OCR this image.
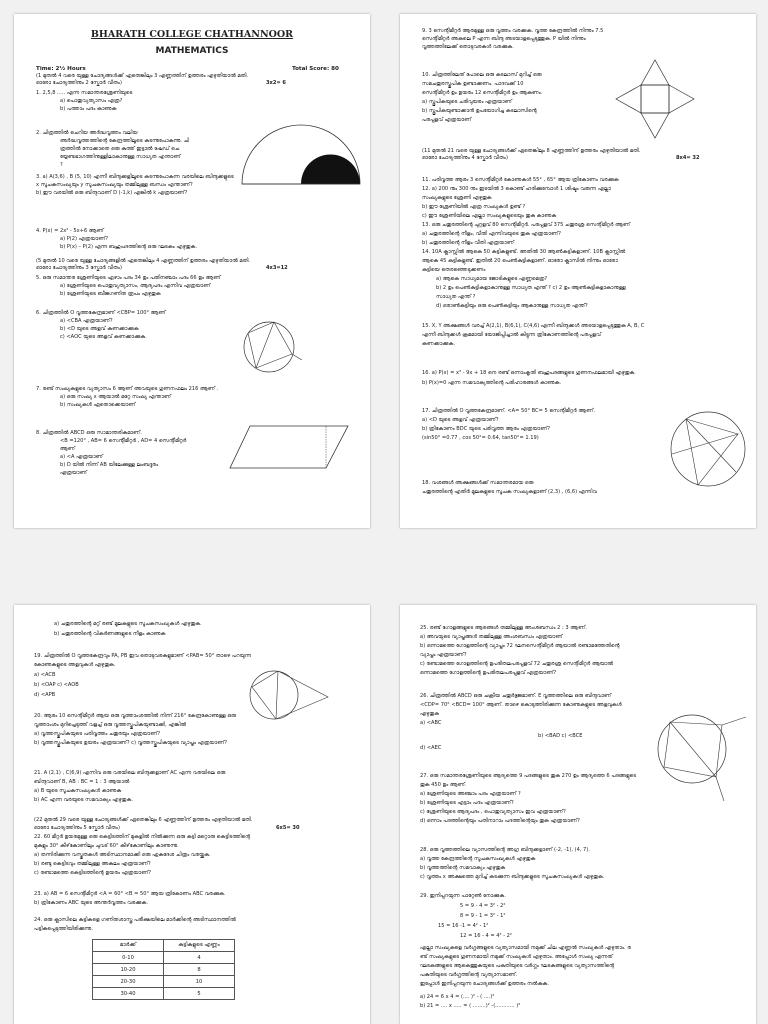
BHARATH COLLEGE CHATHANNOOR
MATHEMATICS
Time: 2½ Hours	Total Score: 80
(1 മുതൽ 4 വരെ യുള്ള ചോദ്യങ്ങൾക്ക് ഏതെങ്കിലും 3 എണ്ണത്തിന് ഉത്തരം എഴുതിയാൽ മതി.
ഓരോ ചോദ്യത്തിനും 2 സ്കോർ വീതം)	3x2= 6
1. 2,5,8 ..... എന്ന സമാന്തരശ്രേണിയുടെ
a) പൊതുവ്യത്യാസം എത്ര?
b) പത്താം പദം കാണുക
2. ചിത്രത്തിൽ ചെറിയ അർദ്ധവൃത്തം വലിയ
അർദ്ധവൃത്തത്തിന്റെ കേന്ദ്രത്തിലൂടെ കടന്നുപോകുന്നു. ചി
ത്രത്തിൽ നോക്കാതെ ഒരു കുത്ത് ഇട്ടാൽ ഷേഡ് ചെ
യ്യേണ്ടഭാഗത്തിനുള്ളിലാകാനുള്ള സാധ്യത എന്താണ്
?
3. a) A(3,6) , B (5, 10) എന്നീ ബിന്ദുക്കളിലൂടെ കടന്നുപോകുന്ന വരയിലെ ബിന്ദുക്കളുടെ
x സൂചകസംഖ്യയും y സൂചകസംഖ്യയും തമ്മിലുള്ള ബന്ധം എന്താണ്?
b) ഈ വരയിൽ ഒരു ബിന്ദുവാണ് D (-1,k) എങ്കിൽ k എത്രയാണ്?
4. P(x) = 2x² - 5x+6 ആണ്
a) P(2) എത്രയാണ്?
b) P(x) – P(2) എന്ന ബഹുപദത്തിന്റെ ഒരു ഘടകം എഴുതുക.
(5 മുതൽ 10 വരെ യുള്ള ചോദ്യങ്ങളിൽ ഏതെങ്കിലും 4 എണ്ണത്തിന് ഉത്തരം എഴുതിയാൽ മതി.
ഓരോ ചോദ്യത്തിനും 3 സ്കോർ വീതം)	4x3=12
5. ഒരു സമാന്തര ശ്രേണിയുടെ ഏഴാം പദം 34 ഉം പതിനഞ്ചാം പദം 66 ഉം ആണ്
a) ശ്രേണിയുടെ പൊതുവ്യത്യാസം, ആദ്യപദം എന്നിവ എത്രയാണ്
b) ശ്രേണിയുടെ ബീജഗണിത രൂപം എഴുതുക
6. ചിത്രത്തിൽ O വൃത്തകേന്ദ്രമാണ് <CBP= 100° ആണ്
a) <CBA എത്രയാണ്?
b) <D യുടെ അളവ് കണക്കാക്കുക
c) <AOC യുടെ അളവ് കണക്കാക്കുക.
7. രണ്ട് സംഖ്യകളുടെ വ്യത്യാസം 6 ആണ് അവയുടെ ഗുണനഫലം 216 ആണ് .
a) ഒരു സംഖ്യ x ആയാൽ മറ്റേ സംഖ്യ എന്താണ്
b) സംഖ്യകൾ ഏതൊക്കെയാണ്
8. ചിത്രത്തിൽ ABCD ഒരു സാമാന്തരികമാണ്.
<B =120° , AB= 6 സെന്റീമീറ്റർ , AD= 4 സെന്റീമീറ്റർ
ആണ്
a) <A എത്രയാണ്
b) D യിൽ നിന്ന് AB യിലേക്കുള്ള ലംബദൂരം
എത്രയാണ്
9. 3 സെന്റിമീറ്റർ ആരമുള്ള ഒരു വൃത്തം വരക്കുക. വൃത്ത കേന്ദ്രത്തിൽ നിന്നും 7.5
സെന്റിമീറ്റർ അകലെ P എന്ന ബിന്ദു അടയാളപ്പെടുത്തുക. P യിൽ നിന്നും
വൃത്തത്തിലേക്ക് തൊടുവരകൾ വരക്കുക.
10. ചിത്രത്തിലേത് പോലെ ഒരു കടലാസ് മുറിച്ച് ഒരു
സമചതുരസ്തൂപിക ഉണ്ടാക്കണം. പാദവക്ക് 10
സെന്റിമീറ്റർ ഉം ഉയരം 12 സെന്റിമീറ്റർ ഉം ആകണം.
a) സ്തൂപികയുടെ ചരിവുയരം എത്രയാണ്
b) സ്തൂപികയുണ്ടാക്കാൻ ഉപയോഗിച്ച കടലാസിന്റെ
പരപ്പളവ് എത്രയാണ്
(11 മുതൽ 21 വരെ യുള്ള ചോദ്യങ്ങൾക്ക് ഏതെങ്കിലും 8 എണ്ണത്തിന് ഉത്തരം എഴുതിയാൽ മതി.
ഓരോ ചോദ്യത്തിനും 4 സ്കോർ വീതം)	8x4= 32
11. പരിവൃത്ത ആരം 3 സെന്റിമീറ്റർ കോണുകൾ 55° , 65° ആയ ത്രികോണം വരക്കുക
12. a) 200 നും 300 നും ഇടയിൽ 3 കൊണ്ട് ഹരിക്കുമ്പോൾ 1 ശിഷ്ടം വരുന്ന എല്ലാ
സംഖ്യകളുടെ ശ്രേണി എഴുതുക
b) ഈ ശ്രേണിയിൽ എത്ര സംഖ്യകൾ ഉണ്ട് ?
c) ഈ ശ്രേണിയിലെ എല്ലാ സംഖ്യകളുടെയും തുക കാണുക
13. ഒരു ചതുരത്തിന്റെ ചുറ്റളവ് 80 സെന്റിമീറ്റർ. പരപ്പളവ് 375 ചതുരശ്ര സെന്റിമീറ്റർ ആണ്
a) ചതുരത്തിന്റെ നീളം, വീതി എന്നിവയുടെ തുക എത്രയാണ്?
b) ചതുരത്തിന്റെ നീളം വീതി എത്രയാണ്
14. 10A ക്ലാസ്സിൽ ആകെ 50 കുട്ടികളുണ്ട്. അതിൽ 30 ആൺകുട്ടികളാണ്. 10B ക്ലാസ്സിൽ
ആകെ 45 കുട്ടികളുണ്ട്. ഇതിൽ 20 പെൺകുട്ടികളാണ്. ഓരോ ക്ലാസിൽ നിന്നും ഓരോ
കുട്ടിയെ തെരഞ്ഞെടുക്കണം
a) ആകെ സാധ്യമായ ജോടികളുടെ എണ്ണമെത്ര?
b) 2 ഉം പെൺകുട്ടികളാകാനുള്ള സാധ്യത എന്ത് ? c) 2 ഉം ആൺകുട്ടികളാകാനുള്ള
സാധ്യത എന്ത് ?
d) ഒരാൺകുട്ടിയും ഒരു പെൺകുട്ടിയും ആകാനുള്ള സാധ്യത എന്ത്?
15. X, Y അക്ഷങ്ങൾ വരച്ച് A(2,1), B(6,1), C(4,6) എന്നീ ബിന്ദുക്കൾ അടയാളപ്പെടുത്തുക A, B, C
എന്നീ ബിന്ദുക്കൾ ക്രമമായി യോജിപ്പിച്ചാൽ കിട്ടുന്ന ത്രികോണത്തിന്റെ പരപ്പളവ്
കണക്കാക്കുക.
16. a) P(x) = x³ - 9x + 18 നെ രണ്ട് ഒന്നാംകൃതി ബഹുപദങ്ങളുടെ ഗുണനഫലമായി എഴുതുക.
b) P(x)=0 എന്ന സമവാക്യത്തിന്റെ പരിഹാരങ്ങൾ കാണുക.
17. ചിത്രത്തിൽ O വൃത്തകേന്ദ്രമാണ്. <A= 50° BC= 5 സെന്റിമീറ്റർ ആണ്.
a) <D യുടെ അളവ് എത്രയാണ്?
b) ത്രികോണം BDC യുടെ പരിവൃത്ത ആരം എത്രയാണ്?
(sin50° =0.77 , cos 50°= 0.64, tan50°= 1.19)
18. വശങ്ങൾ അക്ഷങ്ങൾക്ക് സമാന്തരമായ ഒരു
ചതുരത്തിന്റെ എതിർ മൂലകളുടെ സൂചക സംഖ്യകളാണ് (2,3) , (6,6) എന്നിവ
a) ചതുരത്തിന്റെ മറ്റ് രണ്ട് മൂലകളുടെ സൂചകസംഖ്യകൾ എഴുതുക.
b) ചതുരത്തിന്റെ വികർണങ്ങളുടെ നീളം കാണുക
19. ചിത്രത്തിൽ O വൃത്തകേന്ദ്രവും PA, PB ഇവ തൊടുവരകളുമാണ് <PAB= 50° താഴെ പറയുന്ന
കോണുകളുടെ അളവുകൾ എഴുതുക.
a) <ACB
b) <OAP c) <AOB
d) <APB
20. ആരം 10 സെന്റിമീറ്റർ ആയ ഒരു വൃത്താംശത്തിൽ നിന്ന് 216° കേന്ദ്രകോണുള്ള ഒരു
വൃത്താംശം മുറിച്ചെടുത്ത് വളച്ച് ഒരു വൃത്തസ്തൂപികയുണ്ടാക്കി, എങ്കിൽ
a) വൃത്തസ്തൂപികയുടെ പരിവൃത്തം ചതുരയും എത്രയാണ്?
b) വൃത്തസ്തൂപികയുടെ ഉയരം എത്രയാണ്? c) വൃത്തസ്തൂപികയുടെ വ്യാപ്തം എത്രയാണ്?
21. A (2,1) , C(6,9) എന്നിവ ഒരു വരയിലെ ബിന്ദുക്കളാണ് AC എന്ന വരയിലെ ഒരു
ബിന്ദുവാണ് B, AB : BC = 1 : 3 ആയാൽ
a) B യുടെ സൂചകസംഖ്യകൾ കാണുക
b) AC എന്ന വരയുടെ സമവാക്യം എഴുതുക.
(22 മുതൽ 29 വരെ യുള്ള ചോദ്യങ്ങൾക്ക് ഏതെങ്കിലും 6 എണ്ണത്തിന് ഉത്തരം എഴുതിയാൽ മതി.
ഓരോ ചോദ്യത്തിനും 5 സ്കോർ വീതം)	6x5= 30
22. 60 മീറ്റർ ഉയരമുള്ള ഒരു കെട്ടിടത്തിന് മുകളിൽ നിൽക്കുന്ന ഒരു കുട്ടി മറ്റൊരു കെട്ടിടത്തിന്റെ
മുകളും 30° കീഴ്‌കോണിലും ചുവട് 60° കീഴ്‌കോണിലും കാണുന്നു.
a) തന്നിരിക്കുന്ന വസ്തുതകൾ അടിസ്ഥാനമാക്കി ഒരു ഏകദേശ ചിത്രം വരയ്ക്കുക.
b) രണ്ടു കെട്ടിടവും തമ്മിലുള്ള അകലം എത്രയാണ്?
c) രണ്ടാമത്തെ കെട്ടിടത്തിന്റെ ഉയരം എത്രയാണ്?
23. a) AB = 6 സെന്റിമീറ്റർ <A = 60° <B = 50° ആയ ത്രികോണം ABC വരക്കുക.
b) ത്രികോണം ABC യുടെ അന്തർവൃത്തം വരക്കുക.
24. ഒരു ക്ലാസിലെ കുട്ടികളെ ഗണിതശാസ്ത്ര പരീക്ഷയിലെ മാർക്കിന്റെ അടിസ്ഥാനത്തിൽ
പട്ടികപ്പെടുത്തിയിരിക്കുന്നു.
മാർക്ക്	കുട്ടികളുടെ എണ്ണം
0-10	4
10-20	8
20-30	10
30-40	5
25. രണ്ട് ഗോളങ്ങളുടെ ആരങ്ങൾ തമ്മിലുള്ള അംശബന്ധം 2 : 3 ആണ്.
a) അവയുടെ വ്യാപ്തങ്ങൾ തമ്മിലുള്ള അംശബന്ധം എത്രയാണ്
b) ഒന്നാമത്തെ ഗോളത്തിന്റെ വ്യാപ്തം 72 ഘനസെന്റിമീറ്റർ ആയാൽ രണ്ടാമത്തേതിന്റെ
വ്യാപ്തം എത്രയാണ്?
c) രണ്ടാമത്തെ ഗോളത്തിന്റെ ഉപരിതലപരപ്പളവ് 72 ചതുരശ്ര സെന്റിമീറ്റർ ആയാൽ
ഒന്നാമത്തെ ഗോളത്തിന്റെ ഉപരിതലപരപ്പളവ് എത്രയാണ്?
26. ചിത്രത്തിൽ ABCD ഒരു ചക്രീയ ചതുർഭുജമാണ്. E വൃത്തത്തിലെ ഒരു ബിന്ദുവാണ്
<CDP= 70° <BCD= 100° ആണ്. താഴെ കൊടുത്തിരിക്കുന്ന കോണുകളുടെ അളവുകൾ
എഴുതുക
a) <ABC
b) <BAD c) <BCE
d) <AEC
27. ഒരു സമാന്തരശ്രേണിയുടെ ആദ്യത്തെ 9 പദങ്ങളുടെ തുക 270 ഉം ആദ്യത്തെ 6 പദങ്ങളുടെ
തുക 450 ഉം ആണ്.
a) ശ്രേണിയുടെ അഞ്ചാം പദം എത്രയാണ് ?
b) ശ്രേണിയുടെ എട്ടാം പദം എത്രയാണ്?
c) ശ്രേണിയുടെ ആദ്യപദം , പൊതുവ്യത്യാസം ഇവ എത്രയാണ്?
d) ഒന്നാം പദത്തിന്റെയും പതിനാറാം പദത്തിന്റെയും തുക എത്രയാണ്?
28. ഒരു വൃത്തത്തിലെ വ്യാസത്തിന്റെ അഗ്ര ബിന്ദുക്കളാണ് (-2, -1), (4, 7).
a) വൃത്ത കേന്ദ്രത്തിന്റെ സൂചകസംഖ്യകൾ എഴുതുക
b) വൃത്തത്തിന്റെ സമവാക്യം എഴുതുക
c) വൃത്തം x അക്ഷത്തെ മുറിച്ച് കടക്കുന്ന ബിന്ദുക്കളുടെ സൂചകസംഖ്യകൾ എഴുതുക.
29. ഇനിപ്പറയുന്ന പാറ്റേൺ നോക്കുക.
5 = 9 - 4 = 3² - 2²
8 = 9 - 1 = 3² - 1²
15 = 16 -1 = 4² - 1²
12 = 16 - 4 = 4² - 2²
എല്ലാ സംഖ്യകളെ വർഗ്ഗങ്ങളുടെ വ്യത്യാസമായി നമുക്ക് ചില എണ്ണൽ സംഖ്യകൾ എഴുതാം. ര
ണ്ട് സംഖ്യകളുടെ ഗുണനമായി നമുക്ക് സംഖ്യകൾ എഴുതാം. അപ്പോൾ സംഖ്യ എന്നത്
ഘടകങ്ങളുടെ ആകെത്തുകയുടെ പകുതിയുടെ വർഗ്ഗം ഘടകങ്ങളുടെ വ്യത്യാസത്തിന്റെ
പകുതിയുടെ വർഗ്ഗത്തിന്റെ വ്യത്യാസമാണ്.
ഇപ്പോൾ ഇനിപ്പറയുന്ന ചോദ്യങ്ങൾക്ക് ഉത്തരം നൽകുക.
a) 24 = 6 x 4 = (.... )² - ( ....)²
b) 21 = .... x ..... = ( ........)² -(............ )²
